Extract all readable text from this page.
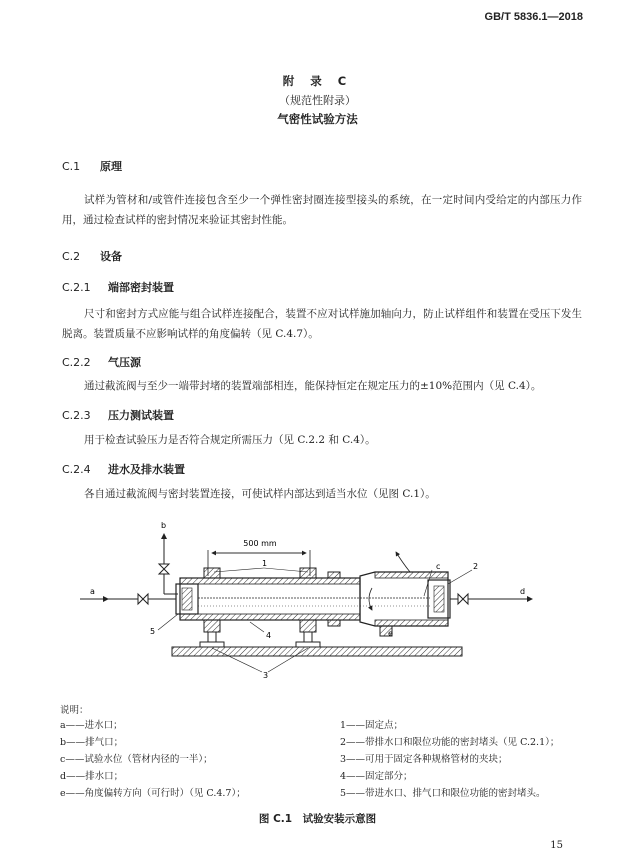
GB/T 5836.1—2018
附 录 C
（规范性附录）
气密性试验方法
C.1 原理
试样为管材和/或管件连接包含至少一个弹性密封圈连接型接头的系统，在一定时间内受给定的内部压力作用，通过检查试样的密封情况来验证其密封性能。
C.2 设备
C.2.1 端部密封装置
尺寸和密封方式应能与组合试样连接配合，装置不应对试样施加轴向力，防止试样组件和装置在受压下发生脱离。装置质量不应影响试样的角度偏转（见 C.4.7）。
C.2.2 气压源
通过截流阀与至少一端带封堵的装置端部相连，能保持恒定在规定压力的±10%范围内（见 C.4）。
C.2.3 压力测试装置
用于检查试验压力是否符合规定所需压力（见 C.2.2 和 C.4）。
C.2.4 进水及排水装置
各自通过截流阀与密封装置连接，可使试样内部达到适当水位（见图 C.1）。
500 mm
a
b
d
e
c
1	2
3
4
5
说明：
a——进水口；
b——排气口；
c——试验水位（管材内径的一半）；
d——排水口；
e——角度偏转方向（可行时）（见 C.4.7）；
1——固定点；
2——带排水口和限位功能的密封堵头（见 C.2.1）；
3——可用于固定各种规格管材的夹块；
4——固定部分；
5——带进水口、排气口和限位功能的密封堵头。
图 C.1　试验安装示意图
15
